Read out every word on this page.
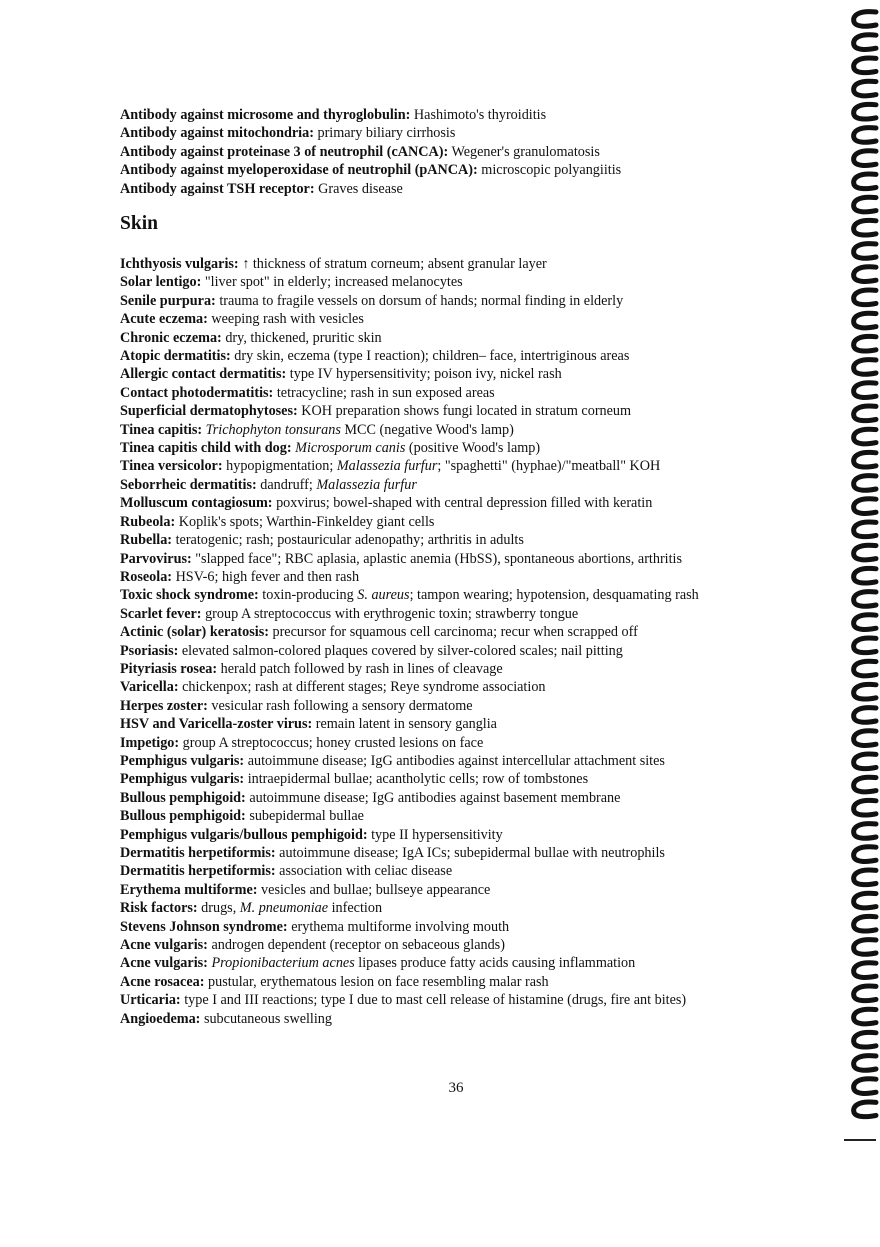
Antibody against microsome and thyroglobulin: Hashimoto's thyroiditis
Antibody against mitochondria: primary biliary cirrhosis
Antibody against proteinase 3 of neutrophil (cANCA): Wegener's granulomatosis
Antibody against myeloperoxidase of neutrophil (pANCA): microscopic polyangiitis
Antibody against TSH receptor: Graves disease
Skin
Ichthyosis vulgaris: ↑ thickness of stratum corneum; absent granular layer
Solar lentigo: "liver spot" in elderly; increased melanocytes
Senile purpura: trauma to fragile vessels on dorsum of hands; normal finding in elderly
Acute eczema: weeping rash with vesicles
Chronic eczema: dry, thickened, pruritic skin
Atopic dermatitis: dry skin, eczema (type I reaction); children– face, intertriginous areas
Allergic contact dermatitis: type IV hypersensitivity; poison ivy, nickel rash
Contact photodermatitis: tetracycline; rash in sun exposed areas
Superficial dermatophytoses: KOH preparation shows fungi located in stratum corneum
Tinea capitis: Trichophyton tonsurans MCC (negative Wood's lamp)
Tinea capitis child with dog: Microsporum canis (positive Wood's lamp)
Tinea versicolor: hypopigmentation; Malassezia furfur; "spaghetti" (hyphae)/"meatball" KOH
Seborrheic dermatitis: dandruff; Malassezia furfur
Molluscum contagiosum: poxvirus; bowel-shaped with central depression filled with keratin
Rubeola: Koplik's spots; Warthin-Finkeldey giant cells
Rubella: teratogenic; rash; postauricular adenopathy; arthritis in adults
Parvovirus: "slapped face"; RBC aplasia, aplastic anemia (HbSS), spontaneous abortions, arthritis
Roseola: HSV-6; high fever and then rash
Toxic shock syndrome: toxin-producing S. aureus; tampon wearing; hypotension, desquamating rash
Scarlet fever: group A streptococcus with erythrogenic toxin; strawberry tongue
Actinic (solar) keratosis: precursor for squamous cell carcinoma; recur when scrapped off
Psoriasis: elevated salmon-colored plaques covered by silver-colored scales; nail pitting
Pityriasis rosea: herald patch followed by rash in lines of cleavage
Varicella: chickenpox; rash at different stages; Reye syndrome association
Herpes zoster: vesicular rash following a sensory dermatome
HSV and Varicella-zoster virus: remain latent in sensory ganglia
Impetigo: group A streptococcus; honey crusted lesions on face
Pemphigus vulgaris: autoimmune disease; IgG antibodies against intercellular attachment sites
Pemphigus vulgaris: intraepidermal bullae; acantholytic cells; row of tombstones
Bullous pemphigoid: autoimmune disease; IgG antibodies against basement membrane
Bullous pemphigoid: subepidermal bullae
Pemphigus vulgaris/bullous pemphigoid: type II hypersensitivity
Dermatitis herpetiformis: autoimmune disease; IgA ICs; subepidermal bullae with neutrophils
Dermatitis herpetiformis: association with celiac disease
Erythema multiforme: vesicles and bullae; bullseye appearance
Risk factors: drugs, M. pneumoniae infection
Stevens Johnson syndrome: erythema multiforme involving mouth
Acne vulgaris: androgen dependent (receptor on sebaceous glands)
Acne vulgaris: Propionibacterium acnes lipases produce fatty acids causing inflammation
Acne rosacea: pustular, erythematous lesion on face resembling malar rash
Urticaria: type I and III reactions; type I due to mast cell release of histamine (drugs, fire ant bites)
Angioedema: subcutaneous swelling
36
